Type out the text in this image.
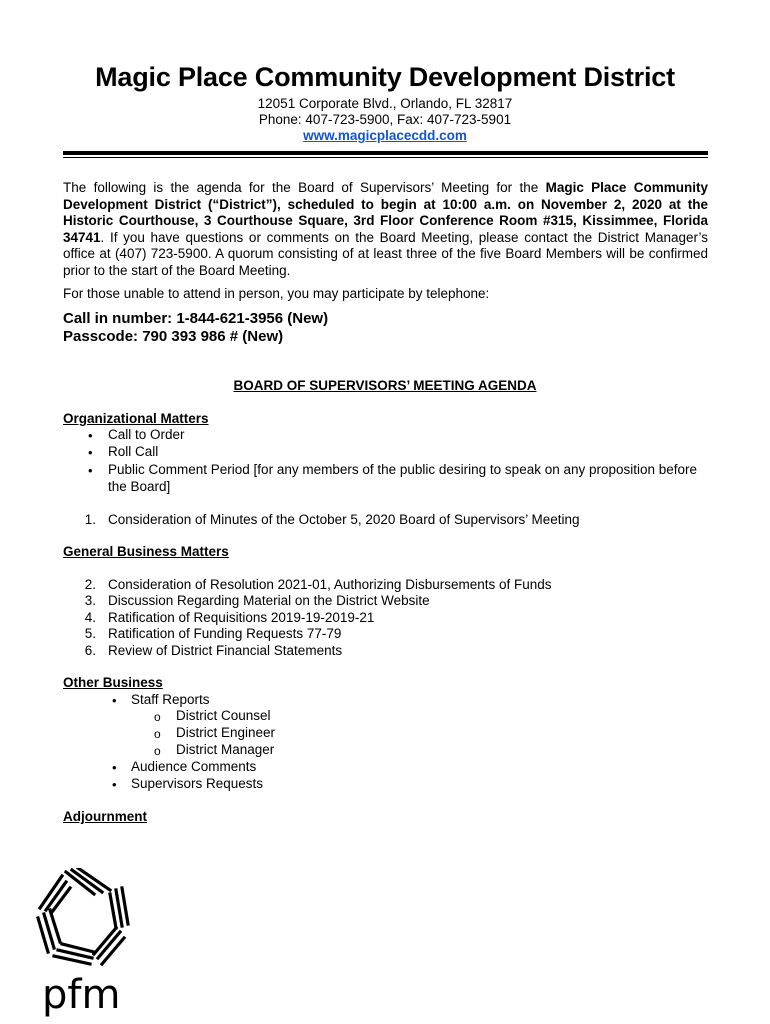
Magic Place Community Development District
12051 Corporate Blvd., Orlando, FL 32817
Phone: 407-723-5900, Fax: 407-723-5901
www.magicplacecdd.com
The following is the agenda for the Board of Supervisors’ Meeting for the Magic Place Community Development District (“District”), scheduled to begin at 10:00 a.m. on November 2, 2020 at the Historic Courthouse, 3 Courthouse Square, 3rd Floor Conference Room #315, Kissimmee, Florida 34741. If you have questions or comments on the Board Meeting, please contact the District Manager’s office at (407) 723-5900. A quorum consisting of at least three of the five Board Members will be confirmed prior to the start of the Board Meeting.
For those unable to attend in person, you may participate by telephone:
Call in number: 1-844-621-3956 (New)
Passcode: 790 393 986 # (New)
BOARD OF SUPERVISORS’ MEETING AGENDA
Organizational Matters
• Call to Order
• Roll Call
• Public Comment Period [for any members of the public desiring to speak on any proposition before
the Board]
1. Consideration of Minutes of the October 5, 2020 Board of Supervisors’ Meeting
General Business Matters
2. Consideration of Resolution 2021-01, Authorizing Disbursements of Funds
3. Discussion Regarding Material on the District Website
4. Ratification of Requisitions 2019-19-2019-21
5. Ratification of Funding Requests 77-79
6. Review of District Financial Statements
Other Business
• Staff Reports
o District Counsel
o District Engineer
o District Manager
• Audience Comments
• Supervisors Requests
Adjournment
pfm
